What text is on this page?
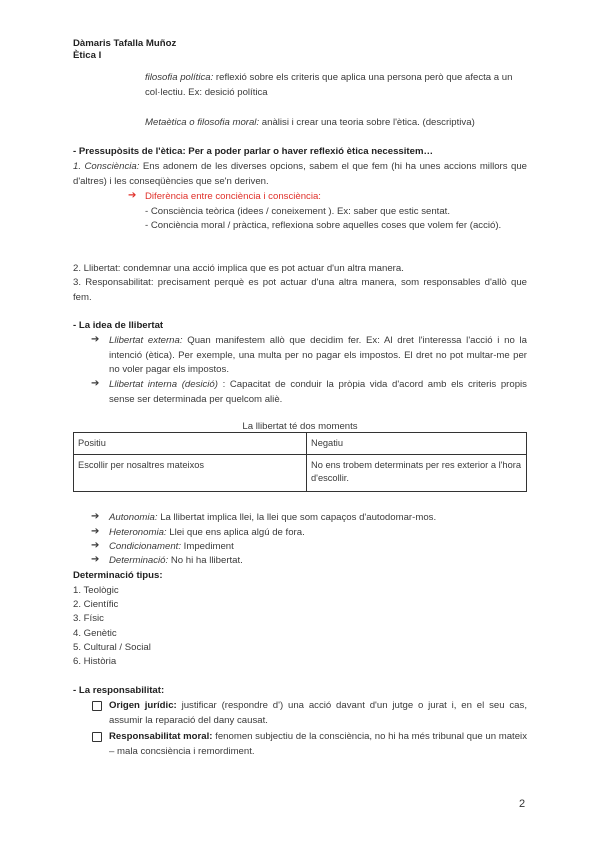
Dàmaris Tafalla Muñoz
Ètica I
filosofia política: reflexió sobre els criteris que aplica una persona però que afecta a un col·lectiu. Ex: desició política
Metaètica o filosofia moral: anàlisi i crear una teoria sobre l'ètica. (descriptiva)
- Pressupòsits de l'ètica: Per a poder parlar o haver reflexió ètica necessitem…
1. Consciència: Ens adonem de les diverses opcions, sabem el que fem (hi ha unes accions millors que d'altres) i les conseqüències que se'n deriven.
➔ Diferència entre conciència i consciència:
- Consciència teòrica (idees / coneixement ). Ex: saber que estic sentat.
- Conciència moral / pràctica, reflexiona sobre aquelles coses que volem fer (acció).
2. Llibertat: condemnar una acció implica que es pot actuar d'un altra manera.
3. Responsabilitat: precisament perquè es pot actuar d'una altra manera, som responsables d'allò que fem.
- La idea de llibertat
➔ Llibertat externa: Quan manifestem allò que decidim fer. Ex: Al dret l'interessa l'acció i no la intenció (ètica). Per exemple, una multa per no pagar els impostos. El dret no pot multar-me per no voler pagar els impostos.
➔ Llibertat interna (desició) : Capacitat de conduir la pròpia vida d'acord amb els criteris propis sense ser determinada per quelcom aliè.
La llibertat té dos moments
Positiu	Negatiu
Escollir per nosaltres mateixos	No ens trobem determinats per res exterior a l'hora d'escollir.
➔ Autonomia: La llibertat implica llei, la llei que som capaços d'autodomar-mos.
➔ Heteronomia: Llei que ens aplica algú de fora.
➔ Condicionament: Impediment
➔ Determinació: No hi ha llibertat.
Determinació tipus:
1. Teològic
2. Científic
3. Físic
4. Genètic
5. Cultural / Social
6. Història
- La responsabilitat:
Origen jurídic: justificar (respondre d') una acció davant d'un jutge o jurat i, en el seu cas, assumir la reparació del dany causat.
Responsabilitat moral: fenomen subjectiu de la consciència, no hi ha més tribunal que un mateix – mala concsiència i remordiment.
2
